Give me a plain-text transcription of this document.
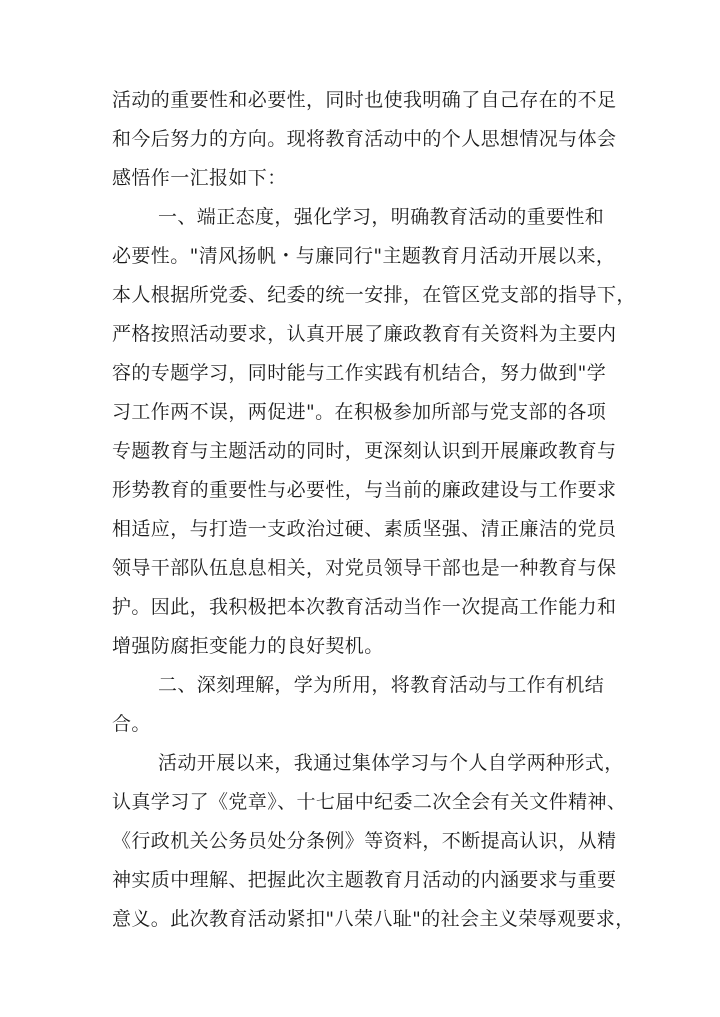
活动的重要性和必要性，同时也使我明确了自己存在的不足
和今后努力的方向。现将教育活动中的个人思想情况与体会
感悟作一汇报如下：
一、端正态度，强化学习，明确教育活动的重要性和
必要性。"清风扬帆・与廉同行"主题教育月活动开展以来，
本人根据所党委、纪委的统一安排，在管区党支部的指导下，
严格按照活动要求，认真开展了廉政教育有关资料为主要内
容的专题学习，同时能与工作实践有机结合，努力做到"学
习工作两不误，两促进"。在积极参加所部与党支部的各项
专题教育与主题活动的同时，更深刻认识到开展廉政教育与
形势教育的重要性与必要性，与当前的廉政建设与工作要求
相适应，与打造一支政治过硬、素质坚强、清正廉洁的党员
领导干部队伍息息相关，对党员领导干部也是一种教育与保
护。因此，我积极把本次教育活动当作一次提高工作能力和
增强防腐拒变能力的良好契机。
二、深刻理解，学为所用，将教育活动与工作有机结
合。
活动开展以来，我通过集体学习与个人自学两种形式，
认真学习了《党章》、十七届中纪委二次全会有关文件精神、
《行政机关公务员处分条例》等资料，不断提高认识，从精
神实质中理解、把握此次主题教育月活动的内涵要求与重要
意义。此次教育活动紧扣"八荣八耻"的社会主义荣辱观要求，
